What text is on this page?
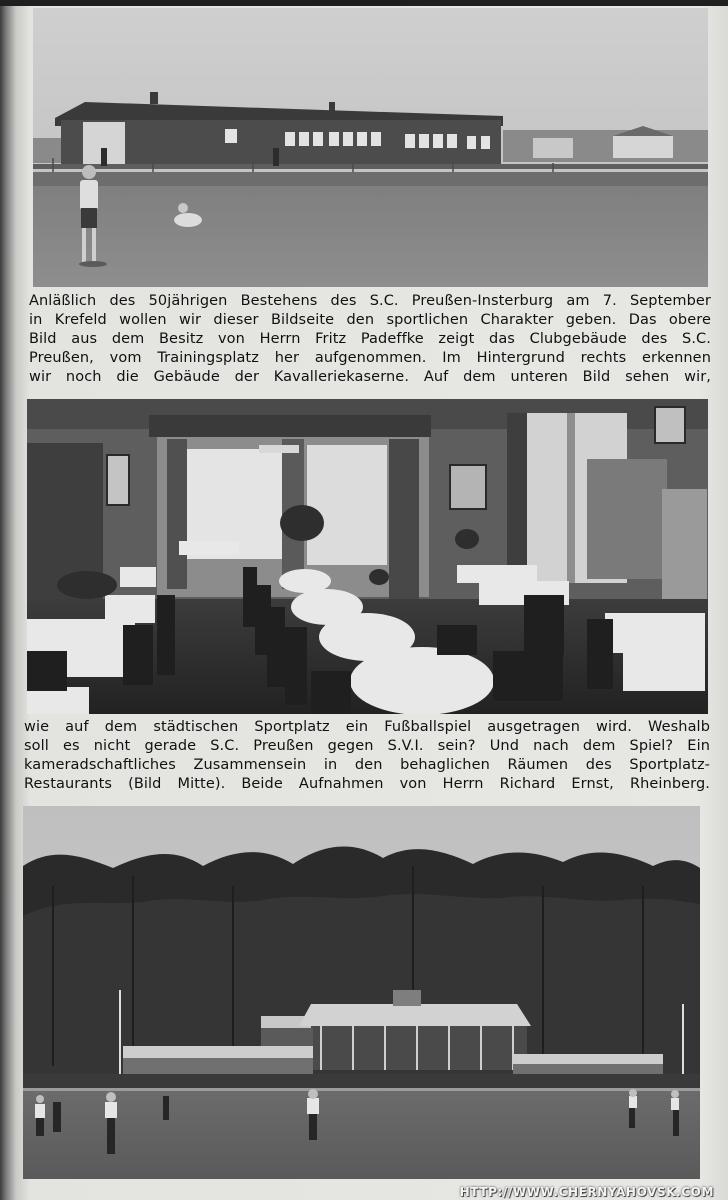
Anläßlich des 50jährigen Bestehens des S.C. Preußen-Insterburg am 7. September
in Krefeld wollen wir dieser Bildseite den sportlichen Charakter geben. Das obere
Bild aus dem Besitz von Herrn Fritz Padeffke zeigt das Clubgebäude des S.C.
Preußen, vom Trainingsplatz her aufgenommen. Im Hintergrund rechts erkennen
wir noch die Gebäude der Kavalleriekaserne. Auf dem unteren Bild sehen wir,

wie auf dem städtischen Sportplatz ein Fußballspiel ausgetragen wird. Weshalb
soll es nicht gerade S.C. Preußen gegen S.V.I. sein? Und nach dem Spiel? Ein
kameradschaftliches Zusammensein in den behaglichen Räumen des Sportplatz-
Restaurants (Bild Mitte). Beide Aufnahmen von Herrn Richard Ernst, Rheinberg.

HTTP://WWW.CHERNYAHOVSK.COM
